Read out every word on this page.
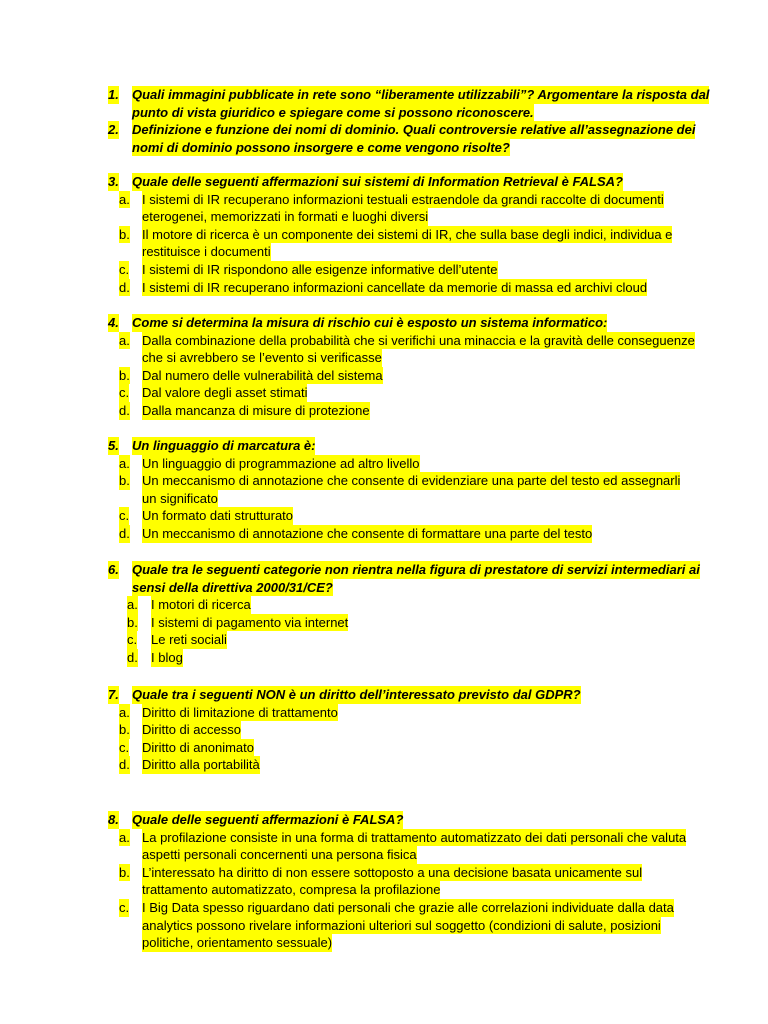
1. Quali immagini pubblicate in rete sono “liberamente utilizzabili”? Argomentare la risposta dal
punto di vista giuridico e spiegare come si possono riconoscere.
2. Definizione e funzione dei nomi di dominio. Quali controversie relative all’assegnazione dei
nomi di dominio possono insorgere e come vengono risolte?
3. Quale delle seguenti affermazioni sui sistemi di Information Retrieval è FALSA?
a. I sistemi di IR recuperano informazioni testuali estraendole da grandi raccolte di documenti
eterogenei, memorizzati in formati e luoghi diversi
b. Il motore di ricerca è un componente dei sistemi di IR, che sulla base degli indici, individua e
restituisce i documenti
c. I sistemi di IR rispondono alle esigenze informative dell’utente
d. I sistemi di IR recuperano informazioni cancellate da memorie di massa ed archivi cloud
4. Come si determina la misura di rischio cui è esposto un sistema informatico:
a. Dalla combinazione della probabilità che si verifichi una minaccia e la gravità delle conseguenze
che si avrebbero se l’evento si verificasse
b. Dal numero delle vulnerabilità del sistema
c. Dal valore degli asset stimati
d. Dalla mancanza di misure di protezione
5. Un linguaggio di marcatura è:
a. Un linguaggio di programmazione ad altro livello
b. Un meccanismo di annotazione che consente di evidenziare una parte del testo ed assegnarli
un significato
c. Un formato dati strutturato
d. Un meccanismo di annotazione che consente di formattare una parte del testo
6. Quale tra le seguenti categorie non rientra nella figura di prestatore di servizi intermediari ai
sensi della direttiva 2000/31/CE?
a. I motori di ricerca
b. I sistemi di pagamento via internet
c. Le reti sociali
d. I blog
7. Quale tra i seguenti NON è un diritto dell’interessato previsto dal GDPR?
a. Diritto di limitazione di trattamento
b. Diritto di accesso
c. Diritto di anonimato
d. Diritto alla portabilità
8. Quale delle seguenti affermazioni è FALSA?
a. La profilazione consiste in una forma di trattamento automatizzato dei dati personali che valuta
aspetti personali concernenti una persona fisica
b. L’interessato ha diritto di non essere sottoposto a una decisione basata unicamente sul
trattamento automatizzato, compresa la profilazione
c. I Big Data spesso riguardano dati personali che grazie alle correlazioni individuate dalla data
analytics possono rivelare informazioni ulteriori sul soggetto (condizioni di salute, posizioni
politiche, orientamento sessuale)
